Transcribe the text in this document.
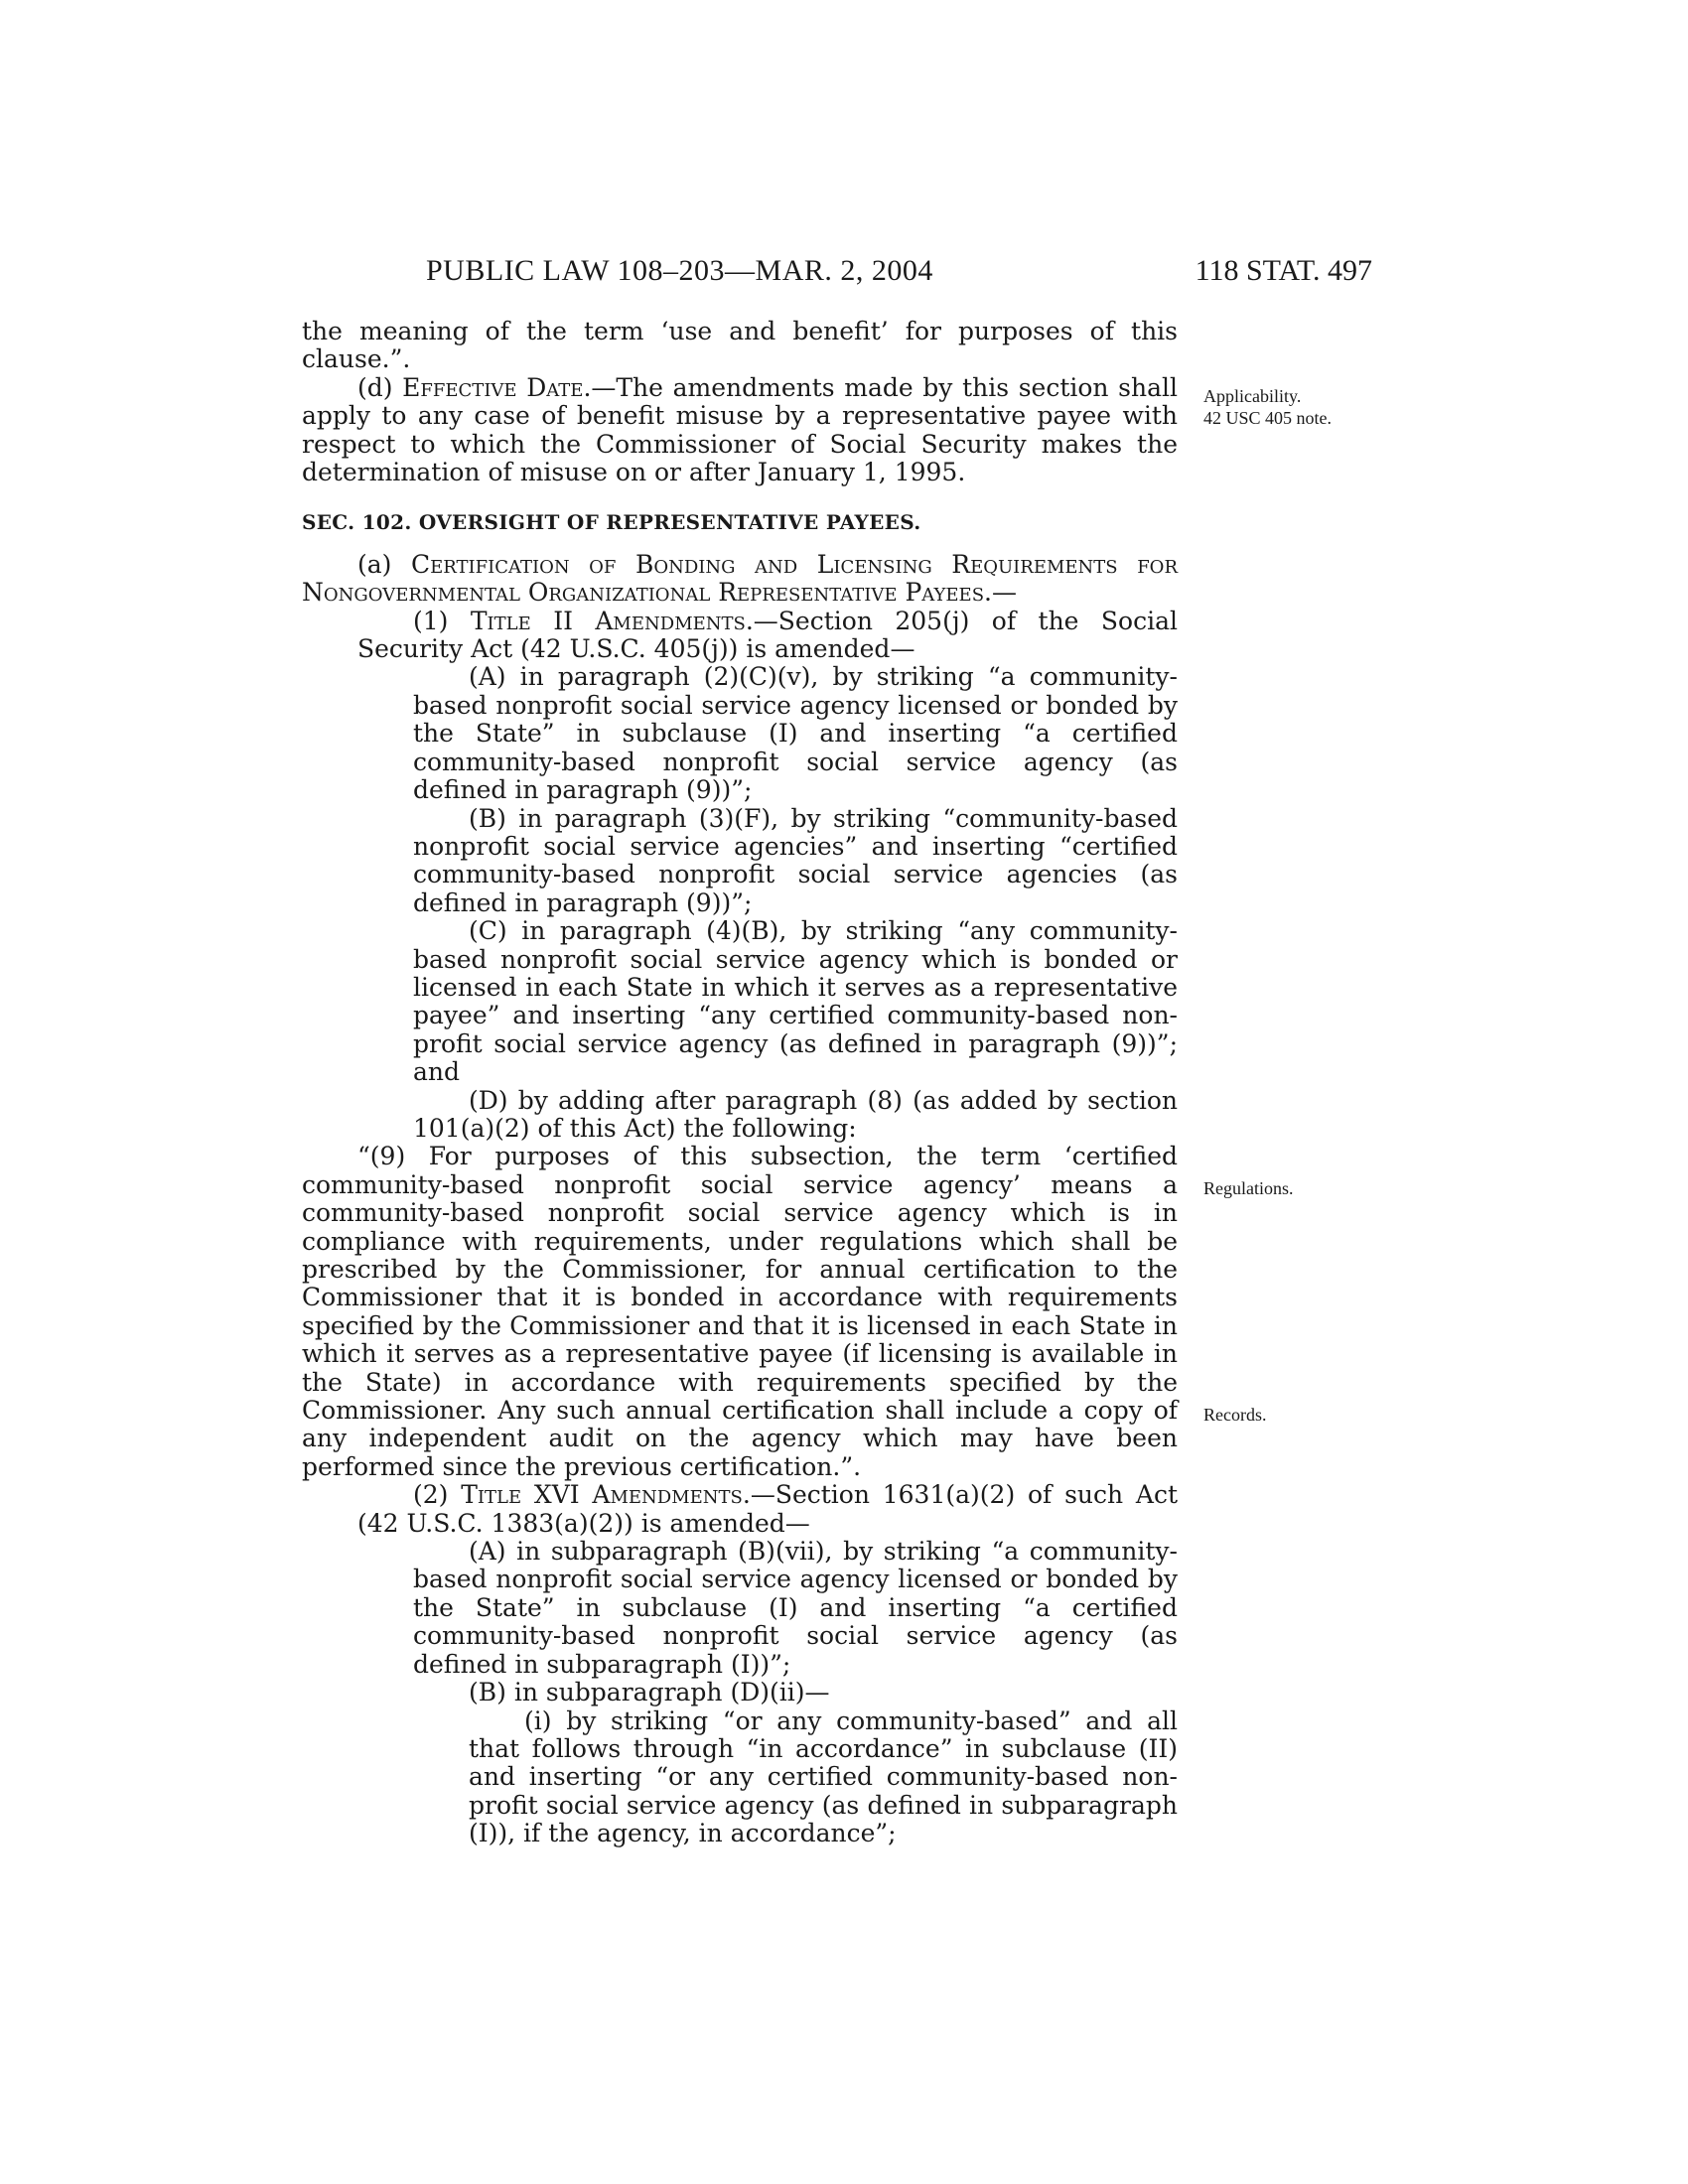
PUBLIC LAW 108–203—MAR. 2, 2004	118 STAT. 497
Applicability.
42 USC 405 note.
Regulations.
Records.

the meaning of the term ‘use and benefit’ for purposes of this clause.”.

(d) Effective Date.—The amendments made by this section shall apply to any case of benefit misuse by a representative payee with respect to which the Commissioner of Social Security makes the determination of misuse on or after January 1, 1995.

SEC. 102. OVERSIGHT OF REPRESENTATIVE PAYEES.

(a) Certification of Bonding and Licensing Requirements for Nongovernmental Organizational Representative Payees.—

(1) Title II Amendments.—Section 205(j) of the Social Security Act (42 U.S.C. 405(j)) is amended—

(A) in paragraph (2)(C)(v), by striking “a community-based nonprofit social service agency licensed or bonded by the State” in subclause (I) and inserting “a certified community-based nonprofit social service agency (as defined in paragraph (9))”;

(B) in paragraph (3)(F), by striking “community-based nonprofit social service agencies” and inserting “certified community-based nonprofit social service agencies (as defined in paragraph (9))”;

(C) in paragraph (4)(B), by striking “any community-based nonprofit social service agency which is bonded or licensed in each State in which it serves as a representative payee” and inserting “any certified community-based non-profit social service agency (as defined in paragraph (9))”; and

(D) by adding after paragraph (8) (as added by section 101(a)(2) of this Act) the following:

“(9) For purposes of this subsection, the term ‘certified community-based nonprofit social service agency’ means a community-based nonprofit social service agency which is in compliance with requirements, under regulations which shall be prescribed by the Commissioner, for annual certification to the Commissioner that it is bonded in accordance with requirements specified by the Commissioner and that it is licensed in each State in which it serves as a representative payee (if licensing is available in the State) in accordance with requirements specified by the Commissioner. Any such annual certification shall include a copy of any independent audit on the agency which may have been performed since the previous certification.”.

(2) Title XVI Amendments.—Section 1631(a)(2) of such Act (42 U.S.C. 1383(a)(2)) is amended—

(A) in subparagraph (B)(vii), by striking “a community-based nonprofit social service agency licensed or bonded by the State” in subclause (I) and inserting “a certified community-based nonprofit social service agency (as defined in subparagraph (I))”;

(B) in subparagraph (D)(ii)—

(i) by striking “or any community-based” and all that follows through “in accordance” in subclause (II) and inserting “or any certified community-based non-profit social service agency (as defined in subparagraph (I)), if the agency, in accordance”;
